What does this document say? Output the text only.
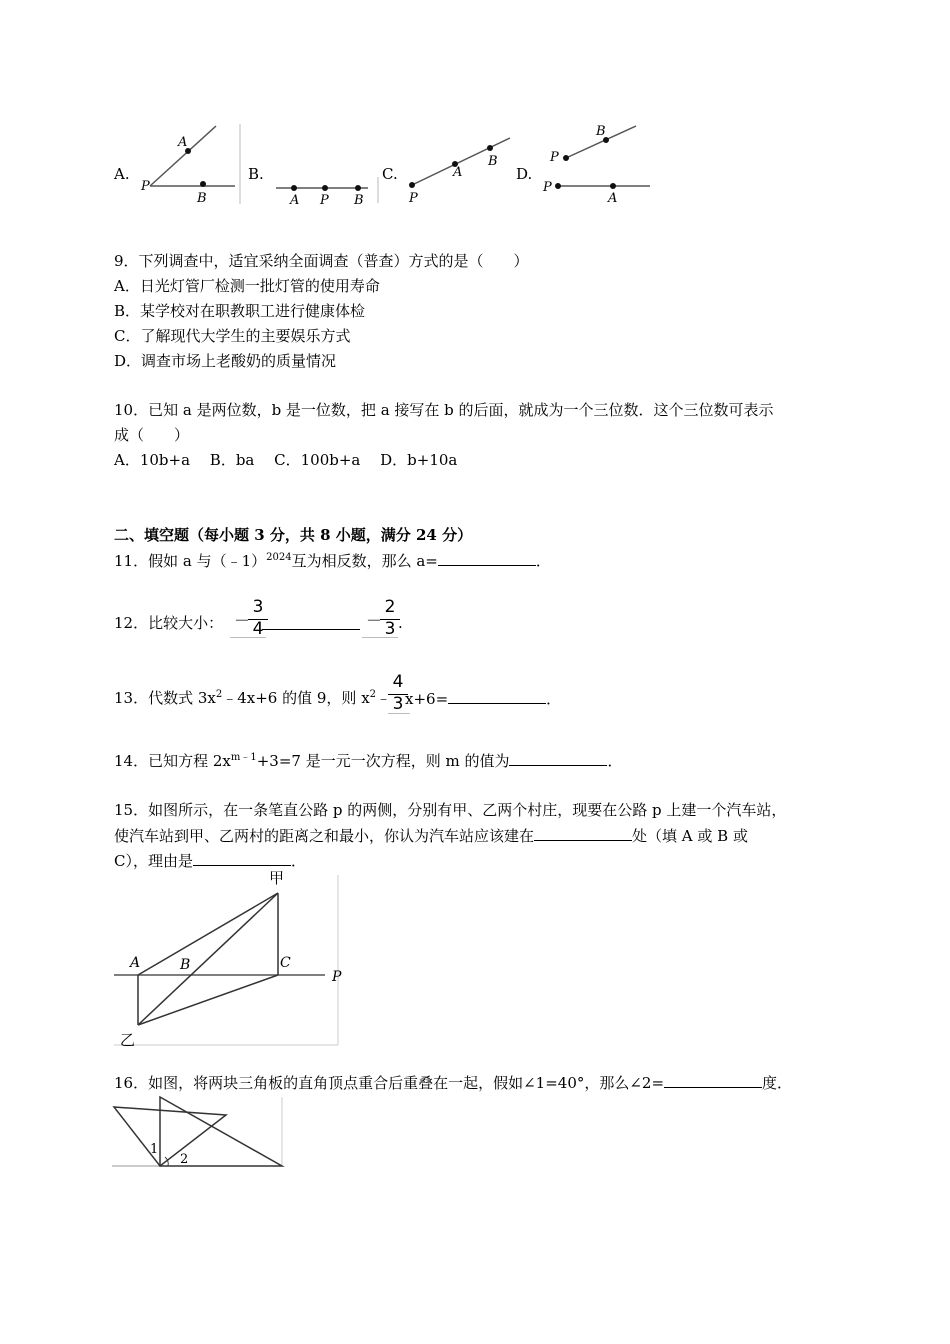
A.
P
A
B
B.
A P B
C.
P
A
B
D.
P
B
P
A
9．下列调查中，适宜采纳全面调查（普查）方式的是（　　）
A．日光灯管厂检测一批灯管的使用寿命
B．某学校对在职教职工进行健康体检
C．了解现代大学生的主要娱乐方式
D．调查市场上老酸奶的质量情况
10．已知 a 是两位数，b 是一位数，把 a 接写在 b 的后面，就成为一个三位数．这个三位数可表示
成（　　）
A．10b+a　 B．ba　 C．100b+a　 D．b+10a
二、填空题（每小题 3 分，共 8 小题，满分 24 分）
11．假如 a 与（﹣1）$^{2024}$互为相反数，那么 a=	．
12．比较大小： －
3
4	－
2
3 .
13．代数式 $3x^2﹣4x+6$ 的值 9，则 $x^2﹣$
4
3 x+6=	．
14．已知方程 $2x^{m﹣1}+3=7$ 是一元一次方程，则 m 的值为	．
15．如图所示，在一条笔直公路 p 的两侧，分别有甲、乙两个村庄，现要在公路 p 上建一个汽车站，
使汽车站到甲、乙两村的距离之和最小，你认为汽车站应该建在	处（填 A 或 B 或
C），理由是	．
甲
乙
A	B	C
P
16．如图，将两块三角板的直角顶点重合后重叠在一起，假如∠1=40°，那么∠2=	度．
1
2
